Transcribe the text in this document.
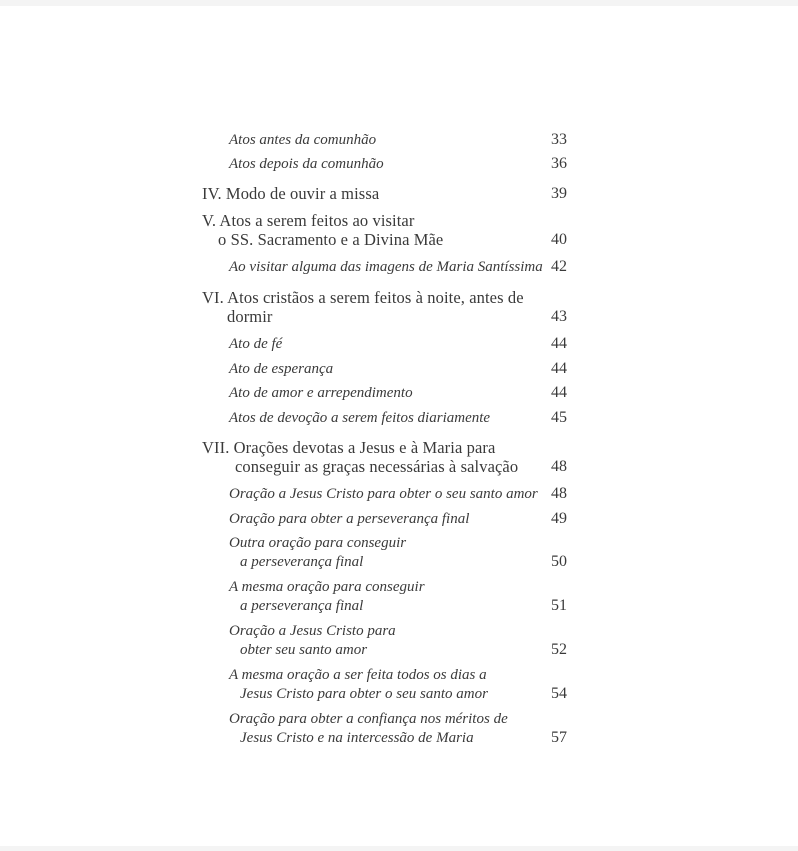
Atos antes da comunhão	33
Atos depois da comunhão	36
IV. Modo de ouvir a missa	39
V. Atos a serem feitos ao visitar
o SS. Sacramento e a Divina Mãe	40
Ao visitar alguma das imagens de Maria Santíssima 42
VI. Atos cristãos a serem feitos à noite, antes de
dormir	43
Ato de fé	44
Ato de esperança	44
Ato de amor e arrependimento	44
Atos de devoção a serem feitos diariamente	45
VII. Orações devotas a Jesus e à Maria para
conseguir as graças necessárias à salvação 48
Oração a Jesus Cristo para obter o seu santo amor 48
Oração para obter a perseverança final	49
Outra oração para conseguir
a perseverança final	50
A mesma oração para conseguir
a perseverança final	51
Oração a Jesus Cristo para
obter seu santo amor	52
A mesma oração a ser feita todos os dias a
Jesus Cristo para obter o seu santo amor	54
Oração para obter a confiança nos méritos de
Jesus Cristo e na intercessão de Maria	57
